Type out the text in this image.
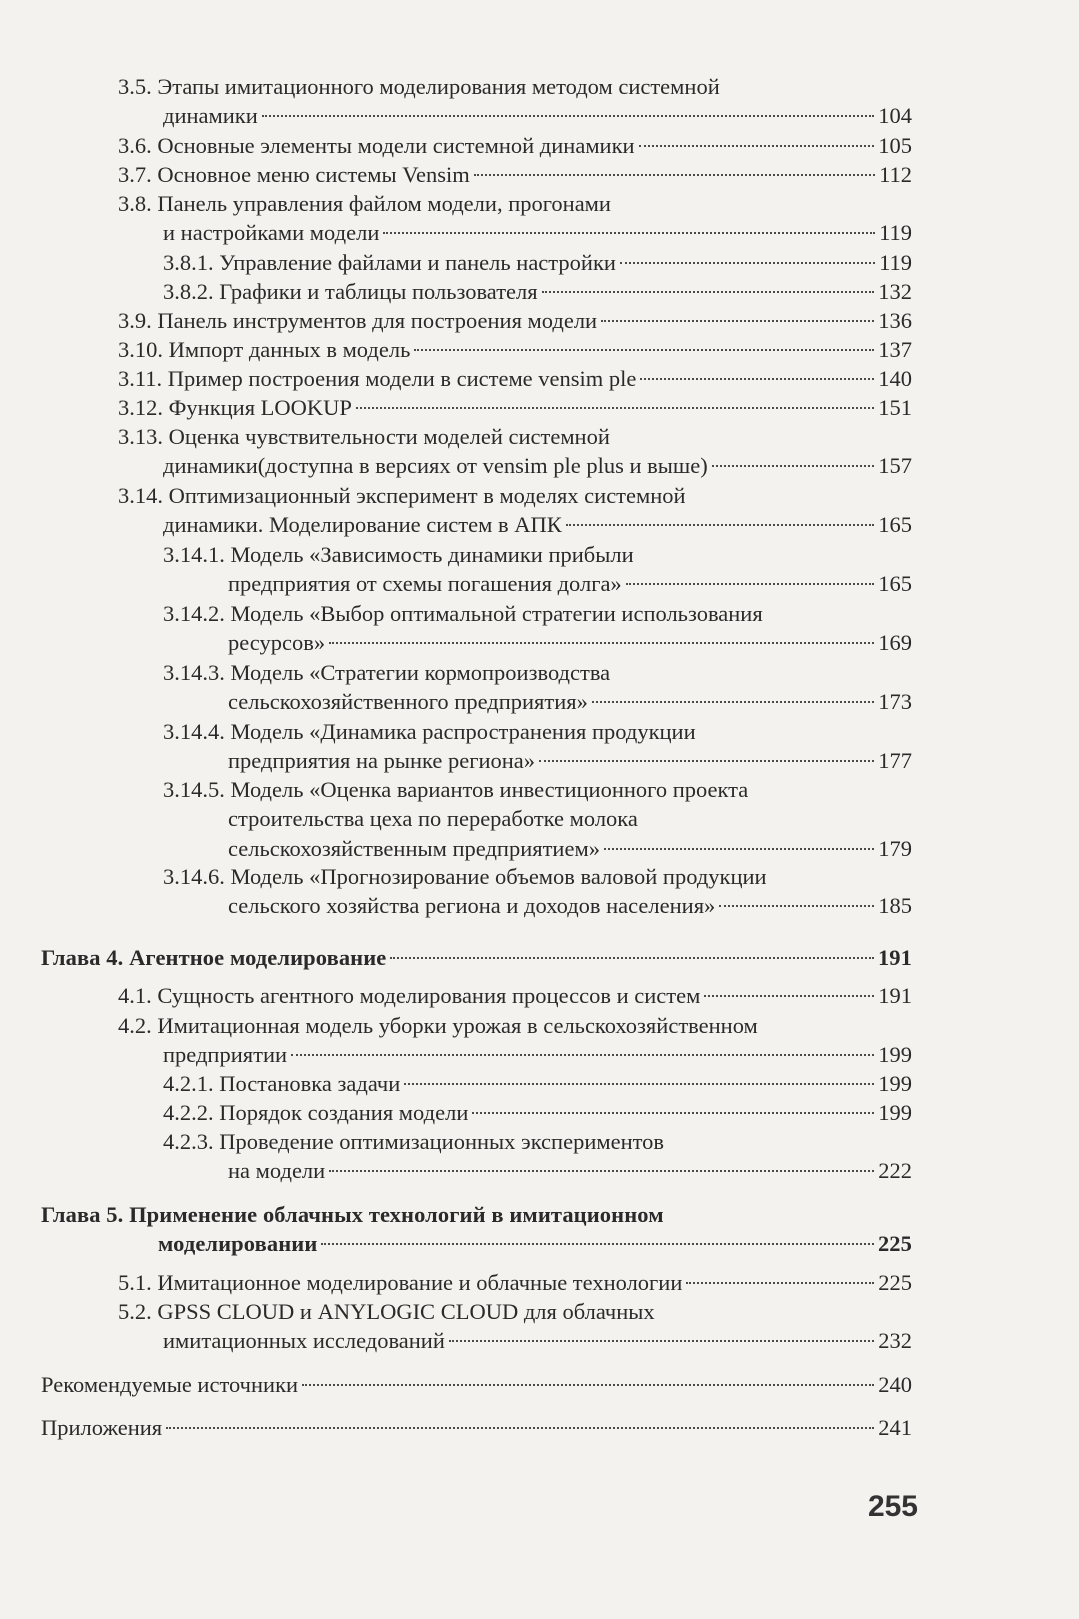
3.5. Этапы имитационного моделирования методом системной
динамики	104
3.6. Основные элементы модели системной динамики	105
3.7. Основное меню системы Vensim	112
3.8. Панель управления файлом модели, прогонами
и настройками модели	119
3.8.1. Управление файлами и панель настройки	119
3.8.2. Графики и таблицы пользователя	132
3.9. Панель инструментов для построения модели	136
3.10. Импорт данных в модель	137
3.11. Пример построения модели в системе vensim ple	140
3.12. Функция LOOKUP	151
3.13. Оценка чувствительности моделей системной
динамики(доступна в версиях от vensim ple plus и выше)	157
3.14. Оптимизационный эксперимент в моделях системной
динамики. Моделирование систем в АПК	165
3.14.1. Модель «Зависимость динамики прибыли
предприятия от схемы погашения долга»	165
3.14.2. Модель «Выбор оптимальной стратегии использования
ресурсов»	169
3.14.3. Модель «Стратегии кормопроизводства
сельскохозяйственного предприятия»	173
3.14.4. Модель «Динамика распространения продукции
предприятия на рынке региона»	177
3.14.5. Модель «Оценка вариантов инвестиционного проекта
строительства цеха по переработке молока
сельскохозяйственным предприятием»	179
3.14.6. Модель «Прогнозирование объемов валовой продукции
сельского хозяйства региона и доходов населения»	185
Глава 4. Агентное моделирование	191
4.1. Сущность агентного моделирования процессов и систем	191
4.2. Имитационная модель уборки урожая в сельскохозяйственном
предприятии	199
4.2.1. Постановка задачи	199
4.2.2. Порядок создания модели	199
4.2.3. Проведение оптимизационных экспериментов
на модели	222
Глава 5. Применение облачных технологий в имитационном
моделировании	225
5.1. Имитационное моделирование и облачные технологии	225
5.2. GPSS CLOUD и ANYLOGIC CLOUD для облачных
имитационных исследований	232
Рекомендуемые источники	240
Приложения	241
255
